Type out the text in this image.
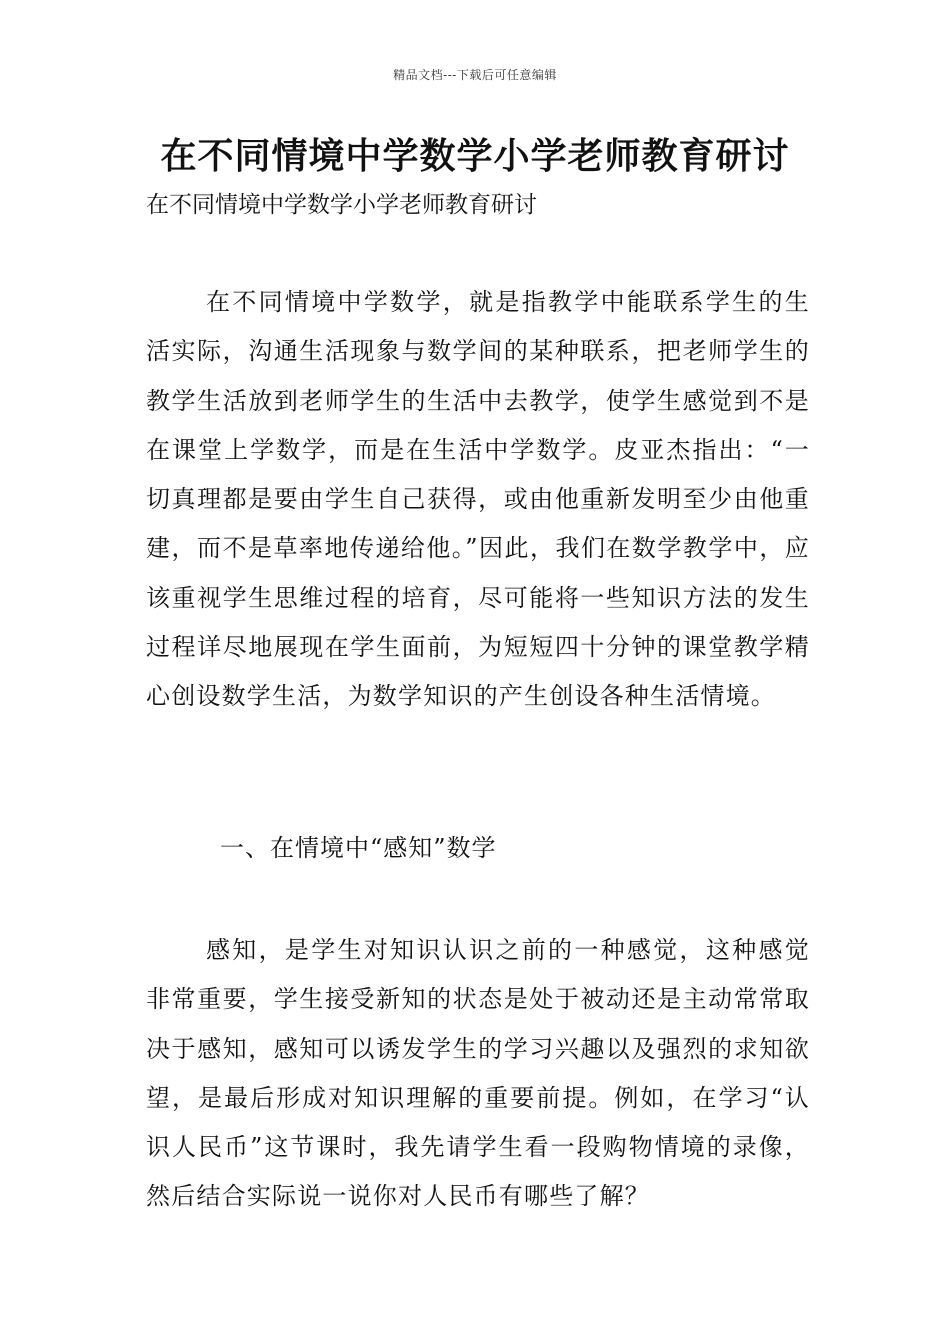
精品文档---下载后可任意编辑
在不同情境中学数学小学老师教育研讨

在不同情境中学数学小学老师教育研讨

在不同情境中学数学，就是指教学中能联系学生的生活实际，沟通生活现象与数学间的某种联系，把老师学生的教学生活放到老师学生的生活中去教学，使学生感觉到不是在课堂上学数学，而是在生活中学数学。皮亚杰指出：“一切真理都是要由学生自己获得，或由他重新发明至少由他重建，而不是草率地传递给他。”因此，我们在数学教学中，应该重视学生思维过程的培育，尽可能将一些知识方法的发生过程详尽地展现在学生面前，为短短四十分钟的课堂教学精心创设数学生活，为数学知识的产生创设各种生活情境。

一、在情境中“感知”数学

感知，是学生对知识认识之前的一种感觉，这种感觉非常重要，学生接受新知的状态是处于被动还是主动常常取决于感知，感知可以诱发学生的学习兴趣以及强烈的求知欲望，是最后形成对知识理解的重要前提。例如，在学习“认识人民币”这节课时，我先请学生看一段购物情境的录像，然后结合实际说一说你对人民币有哪些了解？
